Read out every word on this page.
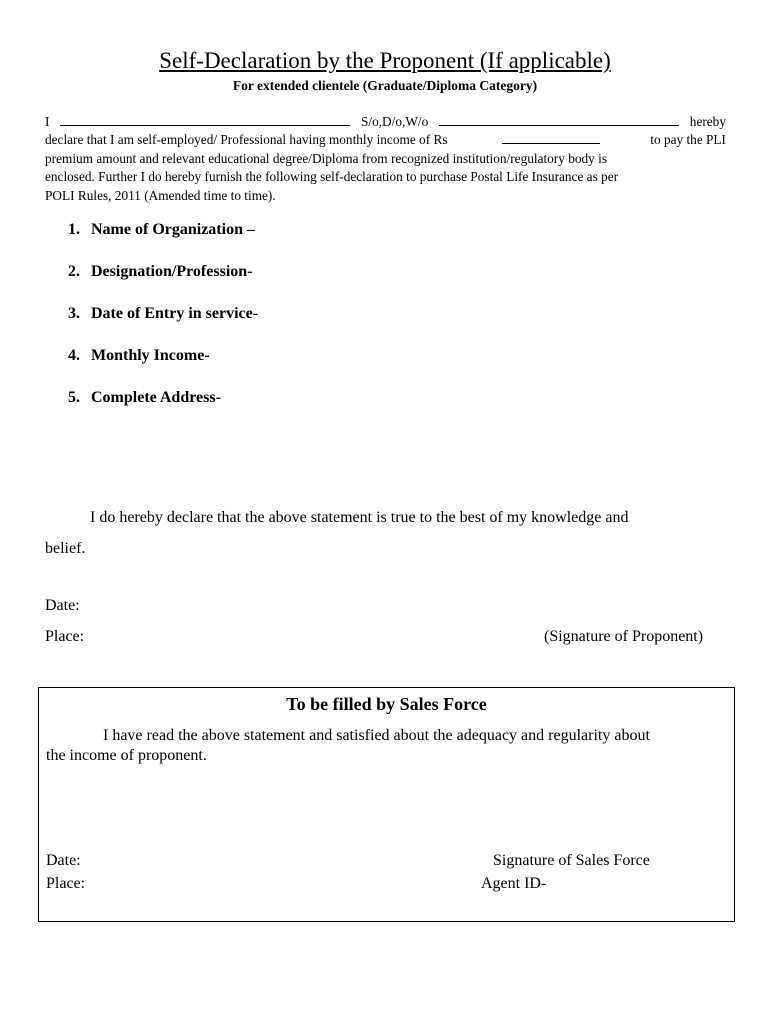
Self-Declaration by the Proponent (If applicable)
For extended clientele (Graduate/Diploma Category)
I	S/o,D/o,W/o	hereby
declare that I am self-employed/ Professional having monthly income of Rs	to pay the PLI
premium amount and relevant educational degree/Diploma from recognized institution/regulatory body is
enclosed. Further I do hereby furnish the following self-declaration to purchase Postal Life Insurance as per
POLI Rules, 2011 (Amended time to time).
1. Name of Organization –
2. Designation/Profession-
3. Date of Entry in service-
4. Monthly Income-
5. Complete Address-
I do hereby declare that the above statement is true to the best of my knowledge and
belief.
Date:
Place:	(Signature of Proponent)
To be filled by Sales Force
I have read the above statement and satisfied about the adequacy and regularity about
the income of proponent.
Date:
Place:
Signature of Sales Force
Agent ID-
